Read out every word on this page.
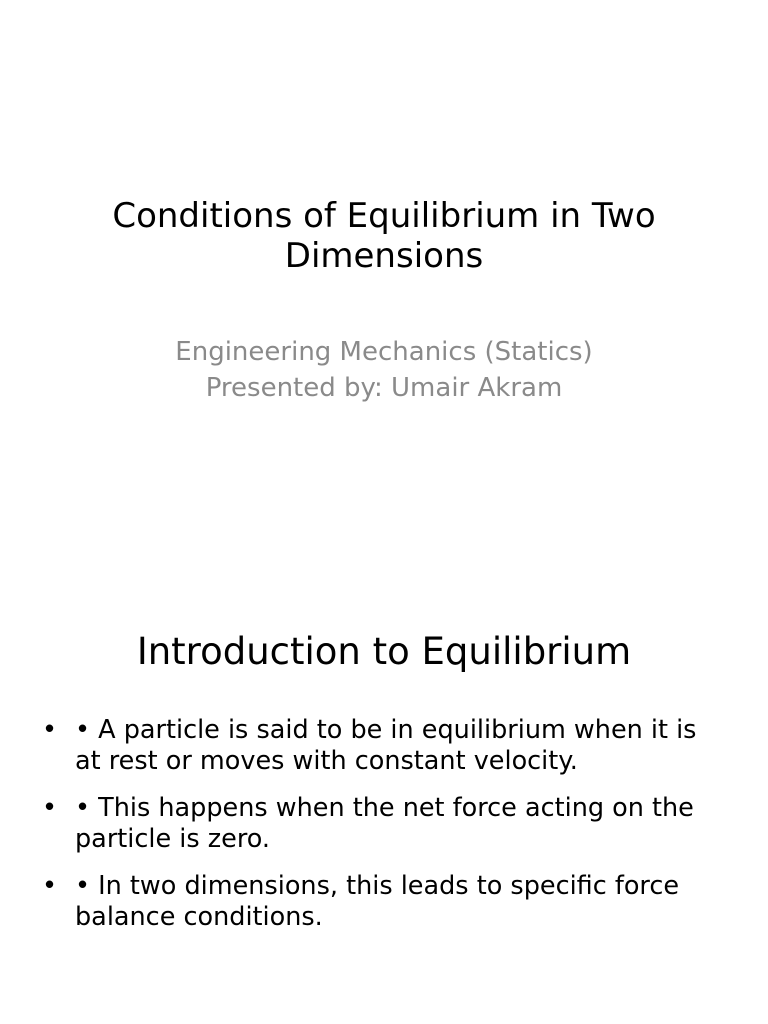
Conditions of Equilibrium in Two Dimensions
Engineering Mechanics (Statics)
Presented by: Umair Akram
Introduction to Equilibrium
• • A particle is said to be in equilibrium when it is at rest or moves with constant velocity.
• • This happens when the net force acting on the particle is zero.
• • In two dimensions, this leads to specific force balance conditions.
